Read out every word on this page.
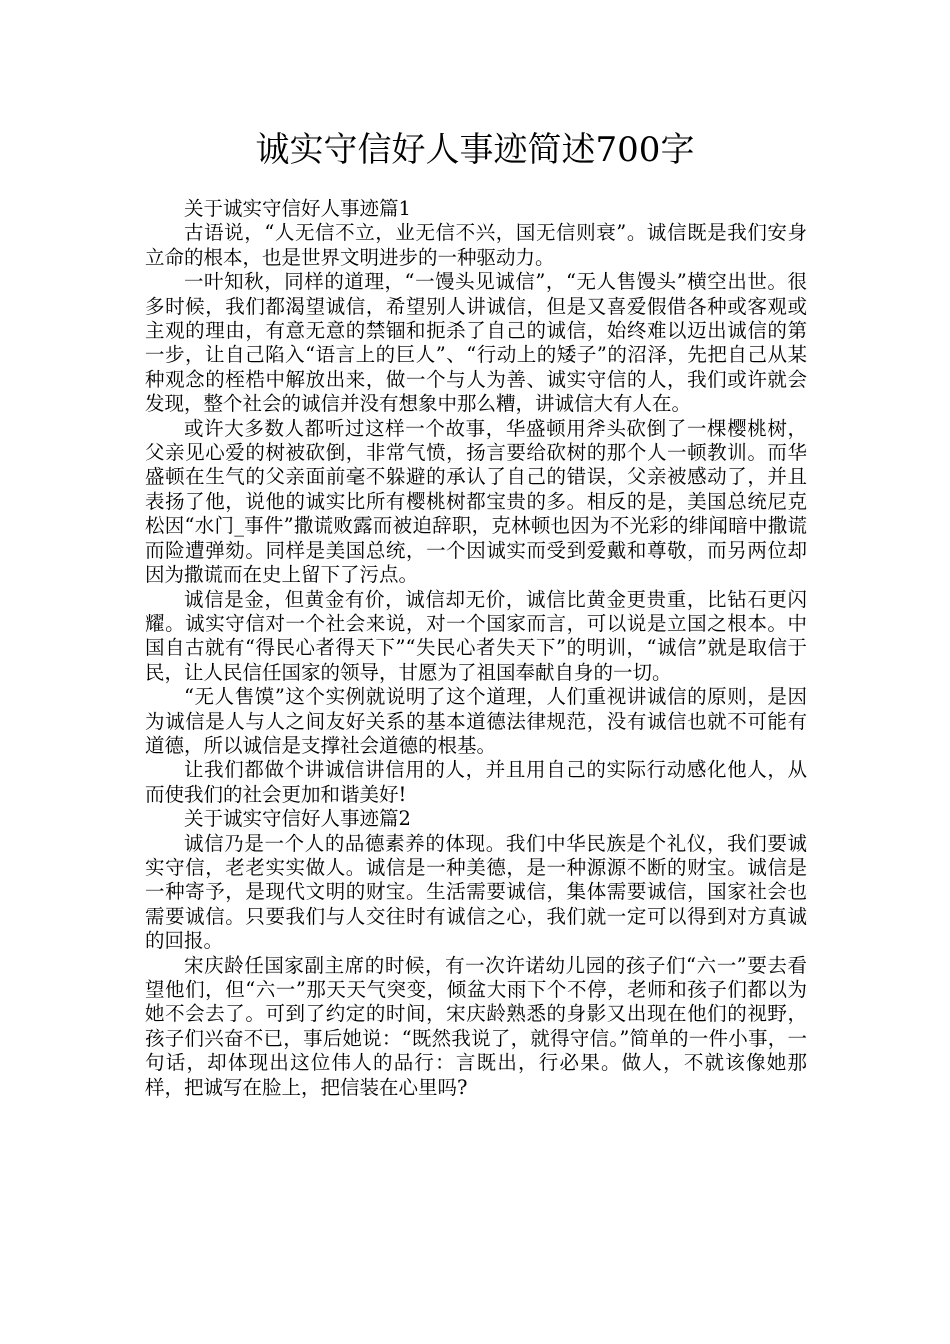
诚实守信好人事迹简述700字

关于诚实守信好人事迹篇1

古语说，“人无信不立，业无信不兴，国无信则衰”。诚信既是我们安身立命的根本，也是世界文明进步的一种驱动力。

一叶知秋，同样的道理，“一馒头见诚信”，“无人售馒头”横空出世。很多时候，我们都渴望诚信，希望别人讲诚信，但是又喜爱假借各种或客观或主观的理由，有意无意的禁锢和扼杀了自己的诚信，始终难以迈出诚信的第一步，让自己陷入“语言上的巨人”、“行动上的矮子”的沼泽，先把自己从某种观念的桎梏中解放出来，做一个与人为善、诚实守信的人，我们或许就会发现，整个社会的诚信并没有想象中那么糟，讲诚信大有人在。

或许大多数人都听过这样一个故事，华盛顿用斧头砍倒了一棵樱桃树，父亲见心爱的树被砍倒，非常气愤，扬言要给砍树的那个人一顿教训。而华盛顿在生气的父亲面前毫不躲避的承认了自己的错误，父亲被感动了，并且表扬了他，说他的诚实比所有樱桃树都宝贵的多。相反的是，美国总统尼克松因“水门_事件”撒谎败露而被迫辞职，克林顿也因为不光彩的绯闻暗中撒谎而险遭弹劾。同样是美国总统，一个因诚实而受到爱戴和尊敬，而另两位却因为撒谎而在史上留下了污点。

诚信是金，但黄金有价，诚信却无价，诚信比黄金更贵重，比钻石更闪耀。诚实守信对一个社会来说，对一个国家而言，可以说是立国之根本。中国自古就有“得民心者得天下”“失民心者失天下”的明训，“诚信”就是取信于民，让人民信任国家的领导，甘愿为了祖国奉献自身的一切。

“无人售馍”这个实例就说明了这个道理，人们重视讲诚信的原则，是因为诚信是人与人之间友好关系的基本道德法律规范，没有诚信也就不可能有道德，所以诚信是支撑社会道德的根基。

让我们都做个讲诚信讲信用的人，并且用自己的实际行动感化他人，从而使我们的社会更加和谐美好!

关于诚实守信好人事迹篇2

诚信乃是一个人的品德素养的体现。我们中华民族是个礼仪，我们要诚实守信，老老实实做人。诚信是一种美德，是一种源源不断的财宝。诚信是一种寄予，是现代文明的财宝。生活需要诚信，集体需要诚信，国家社会也需要诚信。只要我们与人交往时有诚信之心，我们就一定可以得到对方真诚的回报。

宋庆龄任国家副主席的时候，有一次许诺幼儿园的孩子们“六一”要去看望他们，但“六一”那天天气突变，倾盆大雨下个不停，老师和孩子们都以为她不会去了。可到了约定的时间，宋庆龄熟悉的身影又出现在他们的视野，孩子们兴奋不已，事后她说：“既然我说了，就得守信。”简单的一件小事，一句话，却体现出这位伟人的品行：言既出，行必果。做人，不就该像她那样，把诚写在脸上，把信装在心里吗?
